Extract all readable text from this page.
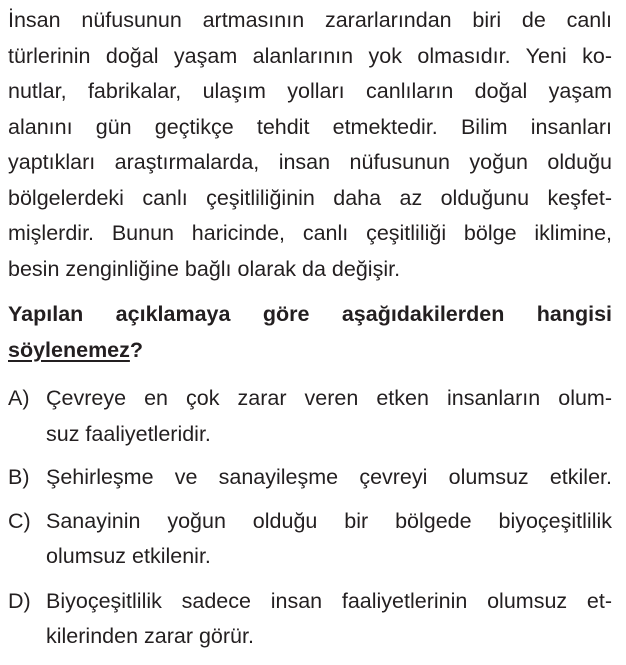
İnsan nüfusunun artmasının zararlarından biri de canlı
türlerinin doğal yaşam alanlarının yok olmasıdır. Yeni ko-
nutlar, fabrikalar, ulaşım yolları canlıların doğal yaşam
alanını gün geçtikçe tehdit etmektedir. Bilim insanları
yaptıkları araştırmalarda, insan nüfusunun yoğun olduğu
bölgelerdeki canlı çeşitliliğinin daha az olduğunu keşfet-
mişlerdir. Bunun haricinde, canlı çeşitliliği bölge iklimine,
besin zenginliğine bağlı olarak da değişir.
Yapılan açıklamaya göre aşağıdakilerden hangisi
söylenemez?
A) Çevreye en çok zarar veren etken insanların olum-
suz faaliyetleridir.
B) Şehirleşme ve sanayileşme çevreyi olumsuz etkiler.
C) Sanayinin yoğun olduğu bir bölgede biyoçeşitlilik
olumsuz etkilenir.
D) Biyoçeşitlilik sadece insan faaliyetlerinin olumsuz et-
kilerinden zarar görür.
